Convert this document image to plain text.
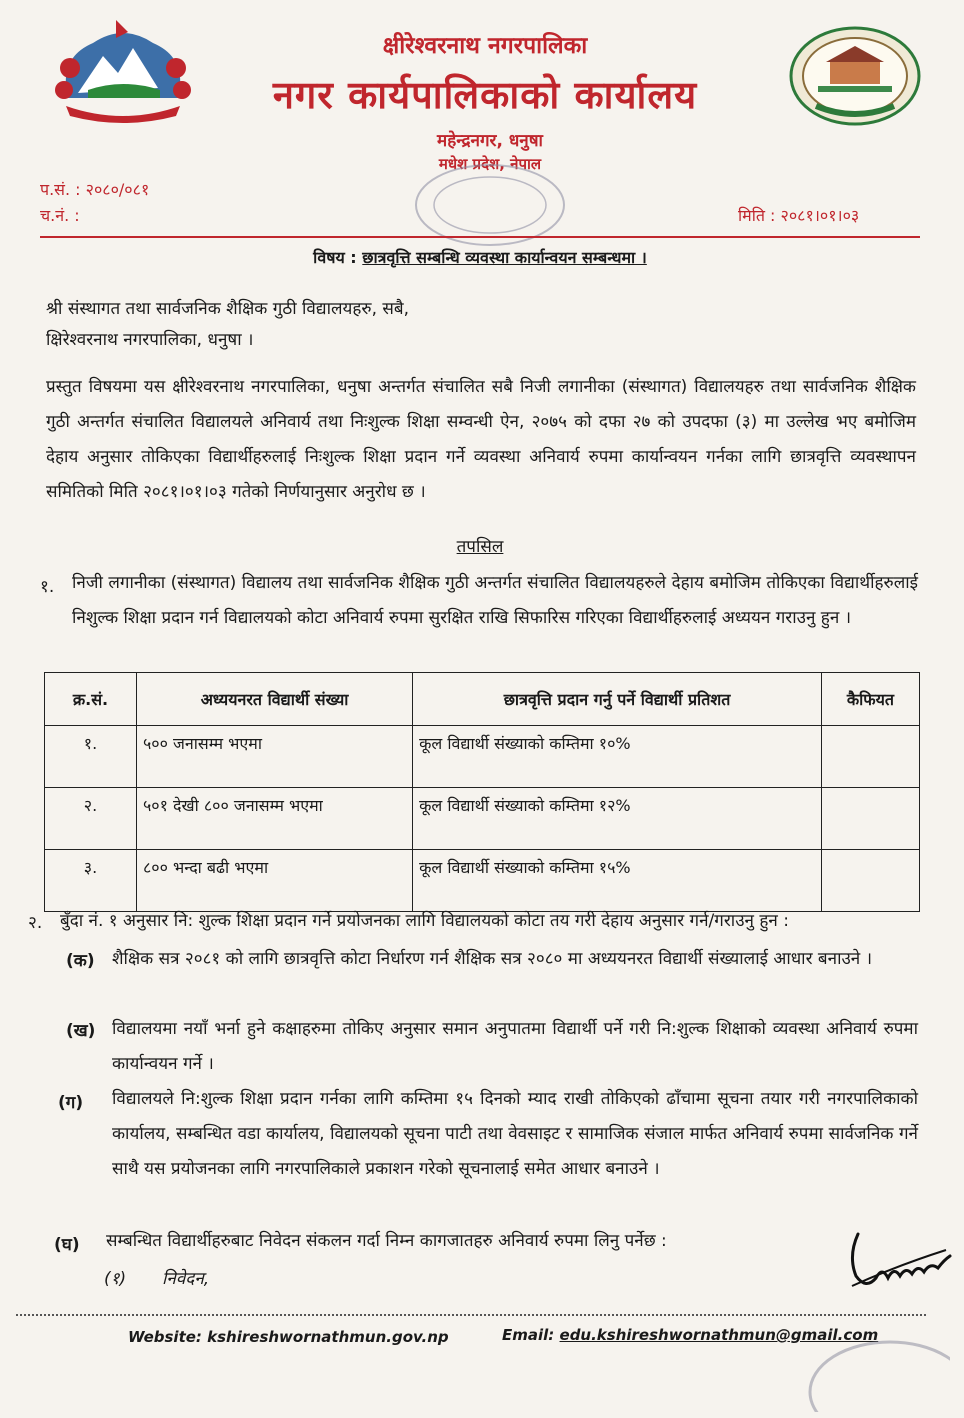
क्षीरेश्वरनाथ नगरपालिका
नगर कार्यपालिकाको कार्यालय
महेन्द्रनगर, धनुषा
मधेश प्रदेश, नेपाल
प.सं. : २०८०/०८१
च.नं. :	मिति : २०८१।०१।०३
विषय : छात्रवृत्ति सम्बन्धि व्यवस्था कार्यान्वयन सम्बन्धमा ।
श्री संस्थागत तथा सार्वजनिक शैक्षिक गुठी विद्यालयहरु, सबै,
क्षिरेश्वरनाथ नगरपालिका, धनुषा ।
प्रस्तुत विषयमा यस क्षीरेश्वरनाथ नगरपालिका, धनुषा अन्तर्गत संचालित सबै निजी लगानीका (संस्थागत) विद्यालयहरु तथा सार्वजनिक शैक्षिक गुठी अन्तर्गत संचालित विद्यालयले अनिवार्य तथा निःशुल्क शिक्षा सम्वन्धी ऐन, २०७५ को दफा २७ को उपदफा (३) मा उल्लेख भए बमोजिम देहाय अनुसार तोकिएका विद्यार्थीहरुलाई निःशुल्क शिक्षा प्रदान गर्ने व्यवस्था अनिवार्य रुपमा कार्यान्वयन गर्नका लागि छात्रवृत्ति व्यवस्थापन समितिको मिति २०८१।०१।०३ गतेको निर्णयानुसार अनुरोध छ ।
तपसिल
१. निजी लगानीका (संस्थागत) विद्यालय तथा सार्वजनिक शैक्षिक गुठी अन्तर्गत संचालित विद्यालयहरुले देहाय बमोजिम तोकिएका विद्यार्थीहरुलाई निशुल्क शिक्षा प्रदान गर्न विद्यालयको कोटा अनिवार्य रुपमा सुरक्षित राखि सिफारिस गरिएका विद्यार्थीहरुलाई अध्ययन गराउनु हुन ।
क्र.सं.	अध्ययनरत विद्यार्थी संख्या	छात्रवृत्ति प्रदान गर्नु पर्ने विद्यार्थी प्रतिशत	कैफियत
१.	५०० जनासम्म भएमा	कूल विद्यार्थी संख्याको कम्तिमा १०%	
२.	५०१ देखी ८०० जनासम्म भएमा	कूल विद्यार्थी संख्याको कम्तिमा १२%	
३.	८०० भन्दा बढी भएमा	कूल विद्यार्थी संख्याको कम्तिमा १५%	
२. बुँदा नं. १ अनुसार नि: शुल्क शिक्षा प्रदान गर्ने प्रयोजनका लागि विद्यालयको कोटा तय गरी देहाय अनुसार गर्न/गराउनु हुन :
(क) शैक्षिक सत्र २०८१ को लागि छात्रवृत्ति कोटा निर्धारण गर्न शैक्षिक सत्र २०८० मा अध्ययनरत विद्यार्थी संख्यालाई आधार बनाउने ।
(ख) विद्यालयमा नयाँ भर्ना हुने कक्षाहरुमा तोकिए अनुसार समान अनुपातमा विद्यार्थी पर्ने गरी नि:शुल्क शिक्षाको व्यवस्था अनिवार्य रुपमा कार्यान्वयन गर्ने ।
(ग) विद्यालयले नि:शुल्क शिक्षा प्रदान गर्नका लागि कम्तिमा १५ दिनको म्याद राखी तोकिएको ढाँचामा सूचना तयार गरी नगरपालिकाको कार्यालय, सम्बन्धित वडा कार्यालय, विद्यालयको सूचना पाटी तथा वेवसाइट र सामाजिक संजाल मार्फत अनिवार्य रुपमा सार्वजनिक गर्ने साथै यस प्रयोजनका लागि नगरपालिकाले प्रकाशन गरेको सूचनालाई समेत आधार बनाउने ।
(घ) सम्बन्धित विद्यार्थीहरुबाट निवेदन संकलन गर्दा निम्न कागजातहरु अनिवार्य रुपमा लिनु पर्नेछ :
(१) निवेदन,
Website: kshireshwornathmun.gov.np	Email: edu.kshireshwornathmun@gmail.com
